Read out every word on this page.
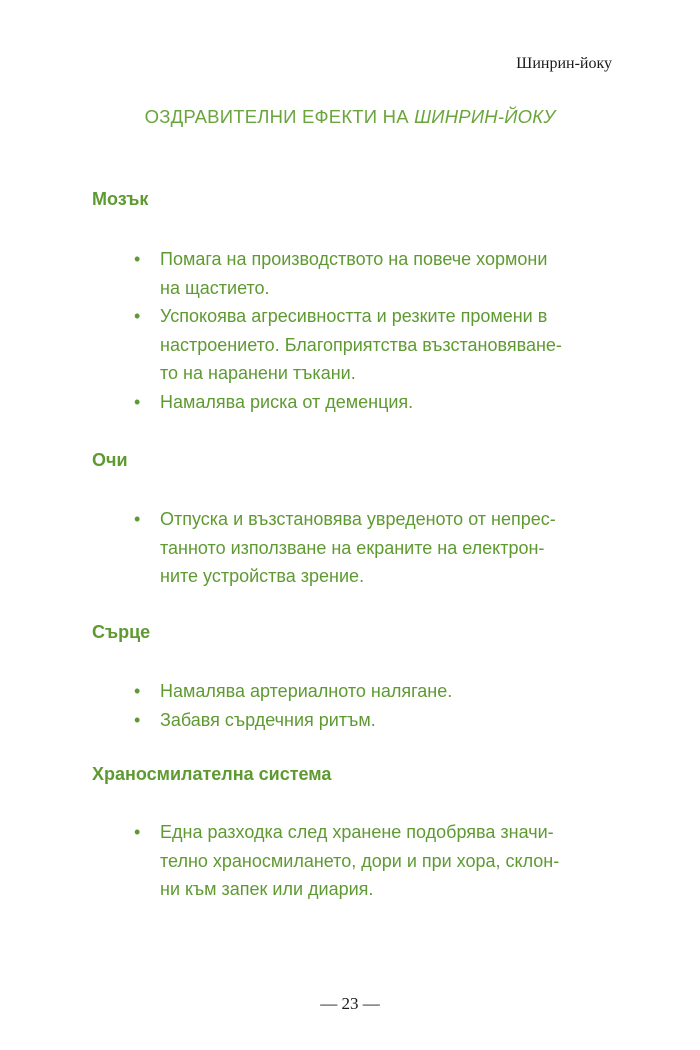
Шинрин-йоку
ОЗДРАВИТЕЛНИ ЕФЕКТИ НА ШИНРИН-ЙОКУ
Мозък
• Помага на производството на повече хормони
на щастието.
• Успокоява агресивността и резките промени в
настроението. Благоприятства възстановяване-
то на наранени тъкани.
• Намалява риска от деменция.
Очи
• Отпуска и възстановява увреденото от непрес-
танното използване на екраните на електрон-
ните устройства зрение.
Сърце
• Намалява артериалното налягане.
• Забавя сърдечния ритъм.
Храносмилателна система
• Една разходка след хранене подобрява значи-
телно храносмилането, дори и при хора, склон-
ни към запек или диария.
— 23 —
